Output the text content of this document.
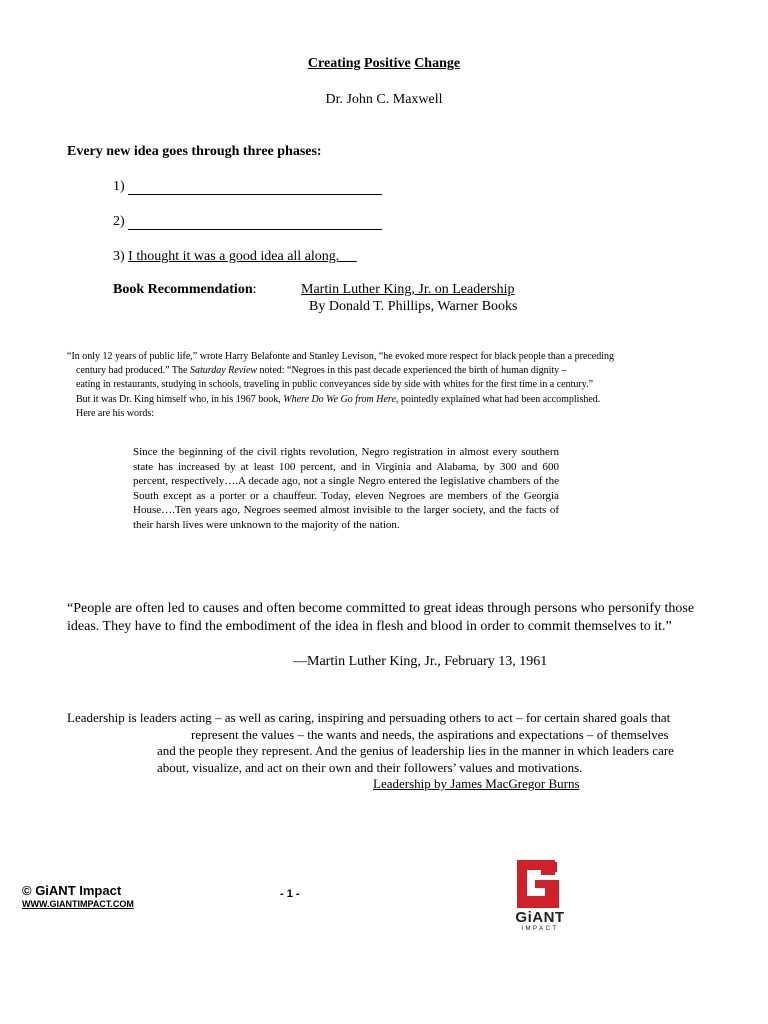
Creating Positive Change
Dr. John C. Maxwell
Every new idea goes through three phases:
1)
2)
3) I thought it was a good idea all along.
Book Recommendation:	Martin Luther King, Jr. on Leadership
By Donald T. Phillips, Warner Books
“In only 12 years of public life,” wrote Harry Belafonte and Stanley Levison, “he evoked more respect for black people than a preceding
century had produced.” The Saturday Review noted: “Negroes in this past decade experienced the birth of human dignity –
eating in restaurants, studying in schools, traveling in public conveyances side by side with whites for the first time in a century.”
But it was Dr. King himself who, in his 1967 book, Where Do We Go from Here, pointedly explained what had been accomplished.
Here are his words:
Since the beginning of the civil rights revolution, Negro registration in almost every southern state has increased by at least 100 percent, and in Virginia and Alabama, by 300 and 600 percent, respectively….A decade ago, not a single Negro entered the legislative chambers of the South except as a porter or a chauffeur. Today, eleven Negroes are members of the Georgia House….Ten years ago, Negroes seemed almost invisible to the larger society, and the facts of their harsh lives were unknown to the majority of the nation.
“People are often led to causes and often become committed to great ideas through persons who personify those ideas. They have to find the embodiment of the idea in flesh and blood in order to commit themselves to it.”
—Martin Luther King, Jr., February 13, 1961
Leadership is leaders acting – as well as caring, inspiring and persuading others to act – for certain shared goals that
represent the values – the wants and needs, the aspirations and expectations – of themselves
and the people they represent. And the genius of leadership lies in the manner in which leaders care
about, visualize, and act on their own and their followers’ values and motivations.
Leadership by James MacGregor Burns
© GiANT Impact
WWW.GIANTIMPACT.COM
- 1 -
GiANT
IMPACT
